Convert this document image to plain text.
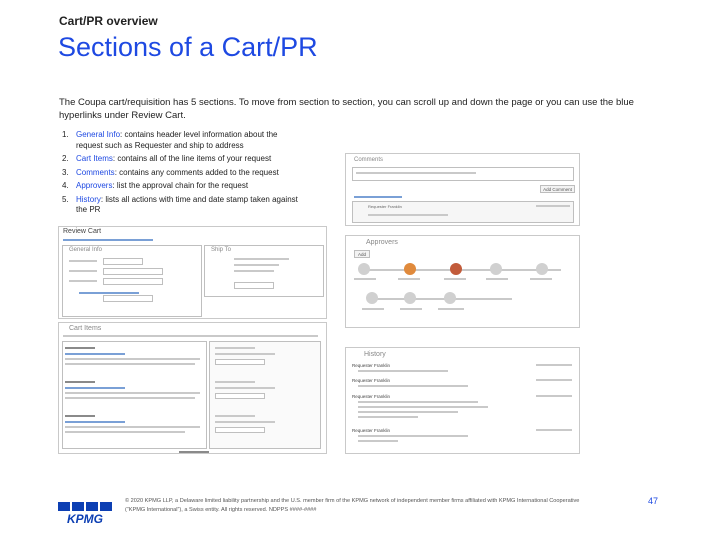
Cart/PR overview
Sections of a Cart/PR
The Coupa cart/requisition has 5 sections. To move from section to section, you can scroll up and down the page or you can use the blue hyperlinks under Review Cart.
1. General Info: contains header level information about the request such as Requester and ship to address
2. Cart Items: contains all of the line items of your request
3. Comments: contains any comments added to the request
4. Approvers: list the approval chain for the request
5. History: lists all actions with time and date stamp taken against the PR
Comments
Add Comment
Requester Franklin
Review Cart
General Info	Ship To
Approvers
Add
Cart Items
History
Requester Franklin
Requester Franklin
Requester Franklin
Requester Franklin
KPMG
© 2020 KPMG LLP, a Delaware limited liability partnership and the U.S. member firm of the KPMG network of independent member firms affiliated with KPMG International Cooperative (“KPMG International”), a Swiss entity. All rights reserved. NDPPS ####-####
47
